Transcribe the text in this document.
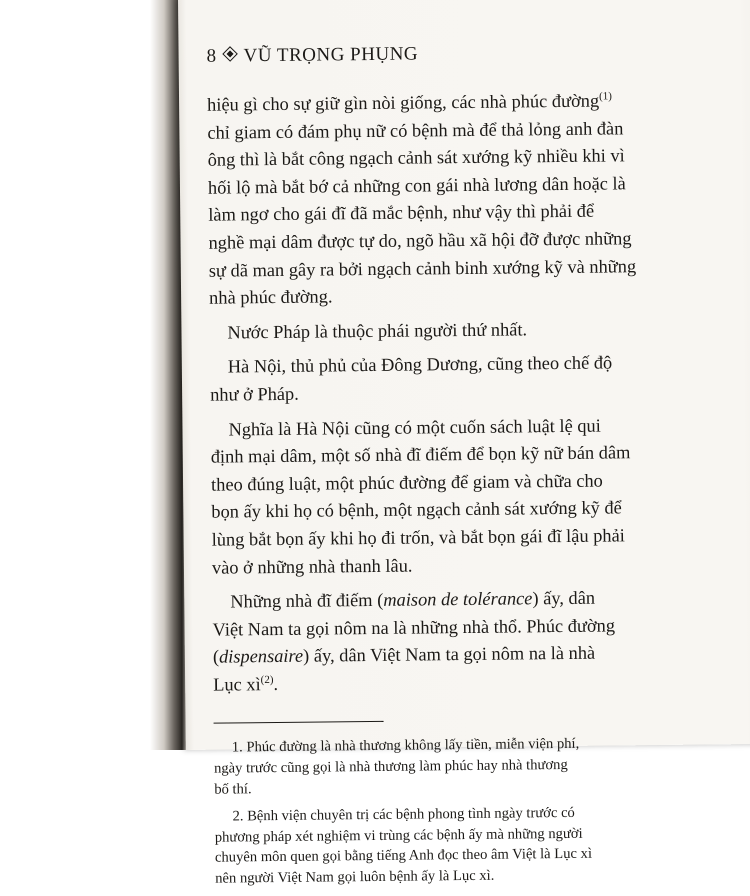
8 VŨ TRỌNG PHỤNG
hiệu gì cho sự giữ gìn nòi giống, các nhà phúc đường$^{(1)}$
chỉ giam có đám phụ nữ có bệnh mà để thả lỏng anh đàn
ông thì là bắt công ngạch cảnh sát xướng kỹ nhiều khi vì
hối lộ mà bắt bớ cả những con gái nhà lương dân hoặc là
làm ngơ cho gái đĩ đã mắc bệnh, như vậy thì phải để
nghề mại dâm được tự do, ngõ hầu xã hội đỡ được những
sự dã man gây ra bởi ngạch cảnh binh xướng kỹ và những
nhà phúc đường.
Nước Pháp là thuộc phái người thứ nhất.
Hà Nội, thủ phủ của Đông Dương, cũng theo chế độ
như ở Pháp.
Nghĩa là Hà Nội cũng có một cuốn sách luật lệ qui
định mại dâm, một số nhà đĩ điếm để bọn kỹ nữ bán dâm
theo đúng luật, một phúc đường để giam và chữa cho
bọn ấy khi họ có bệnh, một ngạch cảnh sát xướng kỹ để
lùng bắt bọn ấy khi họ đi trốn, và bắt bọn gái đĩ lậu phải
vào ở những nhà thanh lâu.
Những nhà đĩ điếm (maison de tolérance) ấy, dân
Việt Nam ta gọi nôm na là những nhà thổ. Phúc đường
(dispensaire) ấy, dân Việt Nam ta gọi nôm na là nhà
Lục $xì^{(2)}$.
1. Phúc đường là nhà thương không lấy tiền, miễn viện phí,
ngày trước cũng gọi là nhà thương làm phúc hay nhà thương
bố thí.
2. Bệnh viện chuyên trị các bệnh phong tình ngày trước có
phương pháp xét nghiệm vi trùng các bệnh ấy mà những người
chuyên môn quen gọi bằng tiếng Anh đọc theo âm Việt là Lục xì
nên người Việt Nam gọi luôn bệnh ấy là Lục xì.
